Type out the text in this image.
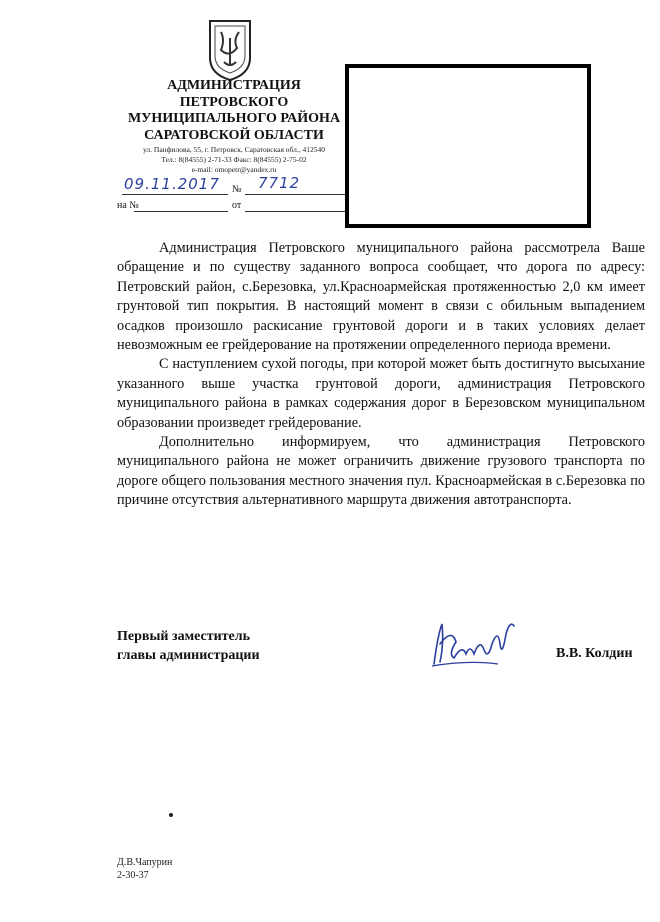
АДМИНИСТРАЦИЯ
ПЕТРОВСКОГО
МУНИЦИПАЛЬНОГО РАЙОНА
САРАТОВСКОЙ ОБЛАСТИ
ул. Панфилова, 55, г. Петровск, Саратовская обл., 412540
Тел.: 8(84555) 2-71-33 Факс: 8(84555) 2-75-02
e-mail: omopetr@yandex.ru
09.11.2017 № 7712
на №	от

Администрация Петровского муниципального района рассмотрела Ваше обращение и по существу заданного вопроса сообщает, что дорога по адресу: Петровский район, с.Березовка, ул.Красноармейская протяженностью 2,0 км имеет грунтовой тип покрытия. В настоящий момент в связи с обильным выпадением осадков произошло раскисание грунтовой дороги и в таких условиях делает невозможным ее грейдерование на протяжении определенного периода времени.

С наступлением сухой погоды, при которой может быть достигнуто высыхание указанного выше участка грунтовой дороги, администрация Петровского муниципального района в рамках содержания дорог в Березовском муниципальном образовании произведет грейдерование.

Дополнительно информируем, что администрация Петровского муниципального района не может ограничить движение грузового транспорта по дороге общего пользования местного значения пул. Красноармейская в с.Березовка по причине отсутствия альтернативного маршрута движения автотранспорта.

Первый заместитель
главы администрации	В.В. Колдин
Д.В.Чапурин
2-30-37
